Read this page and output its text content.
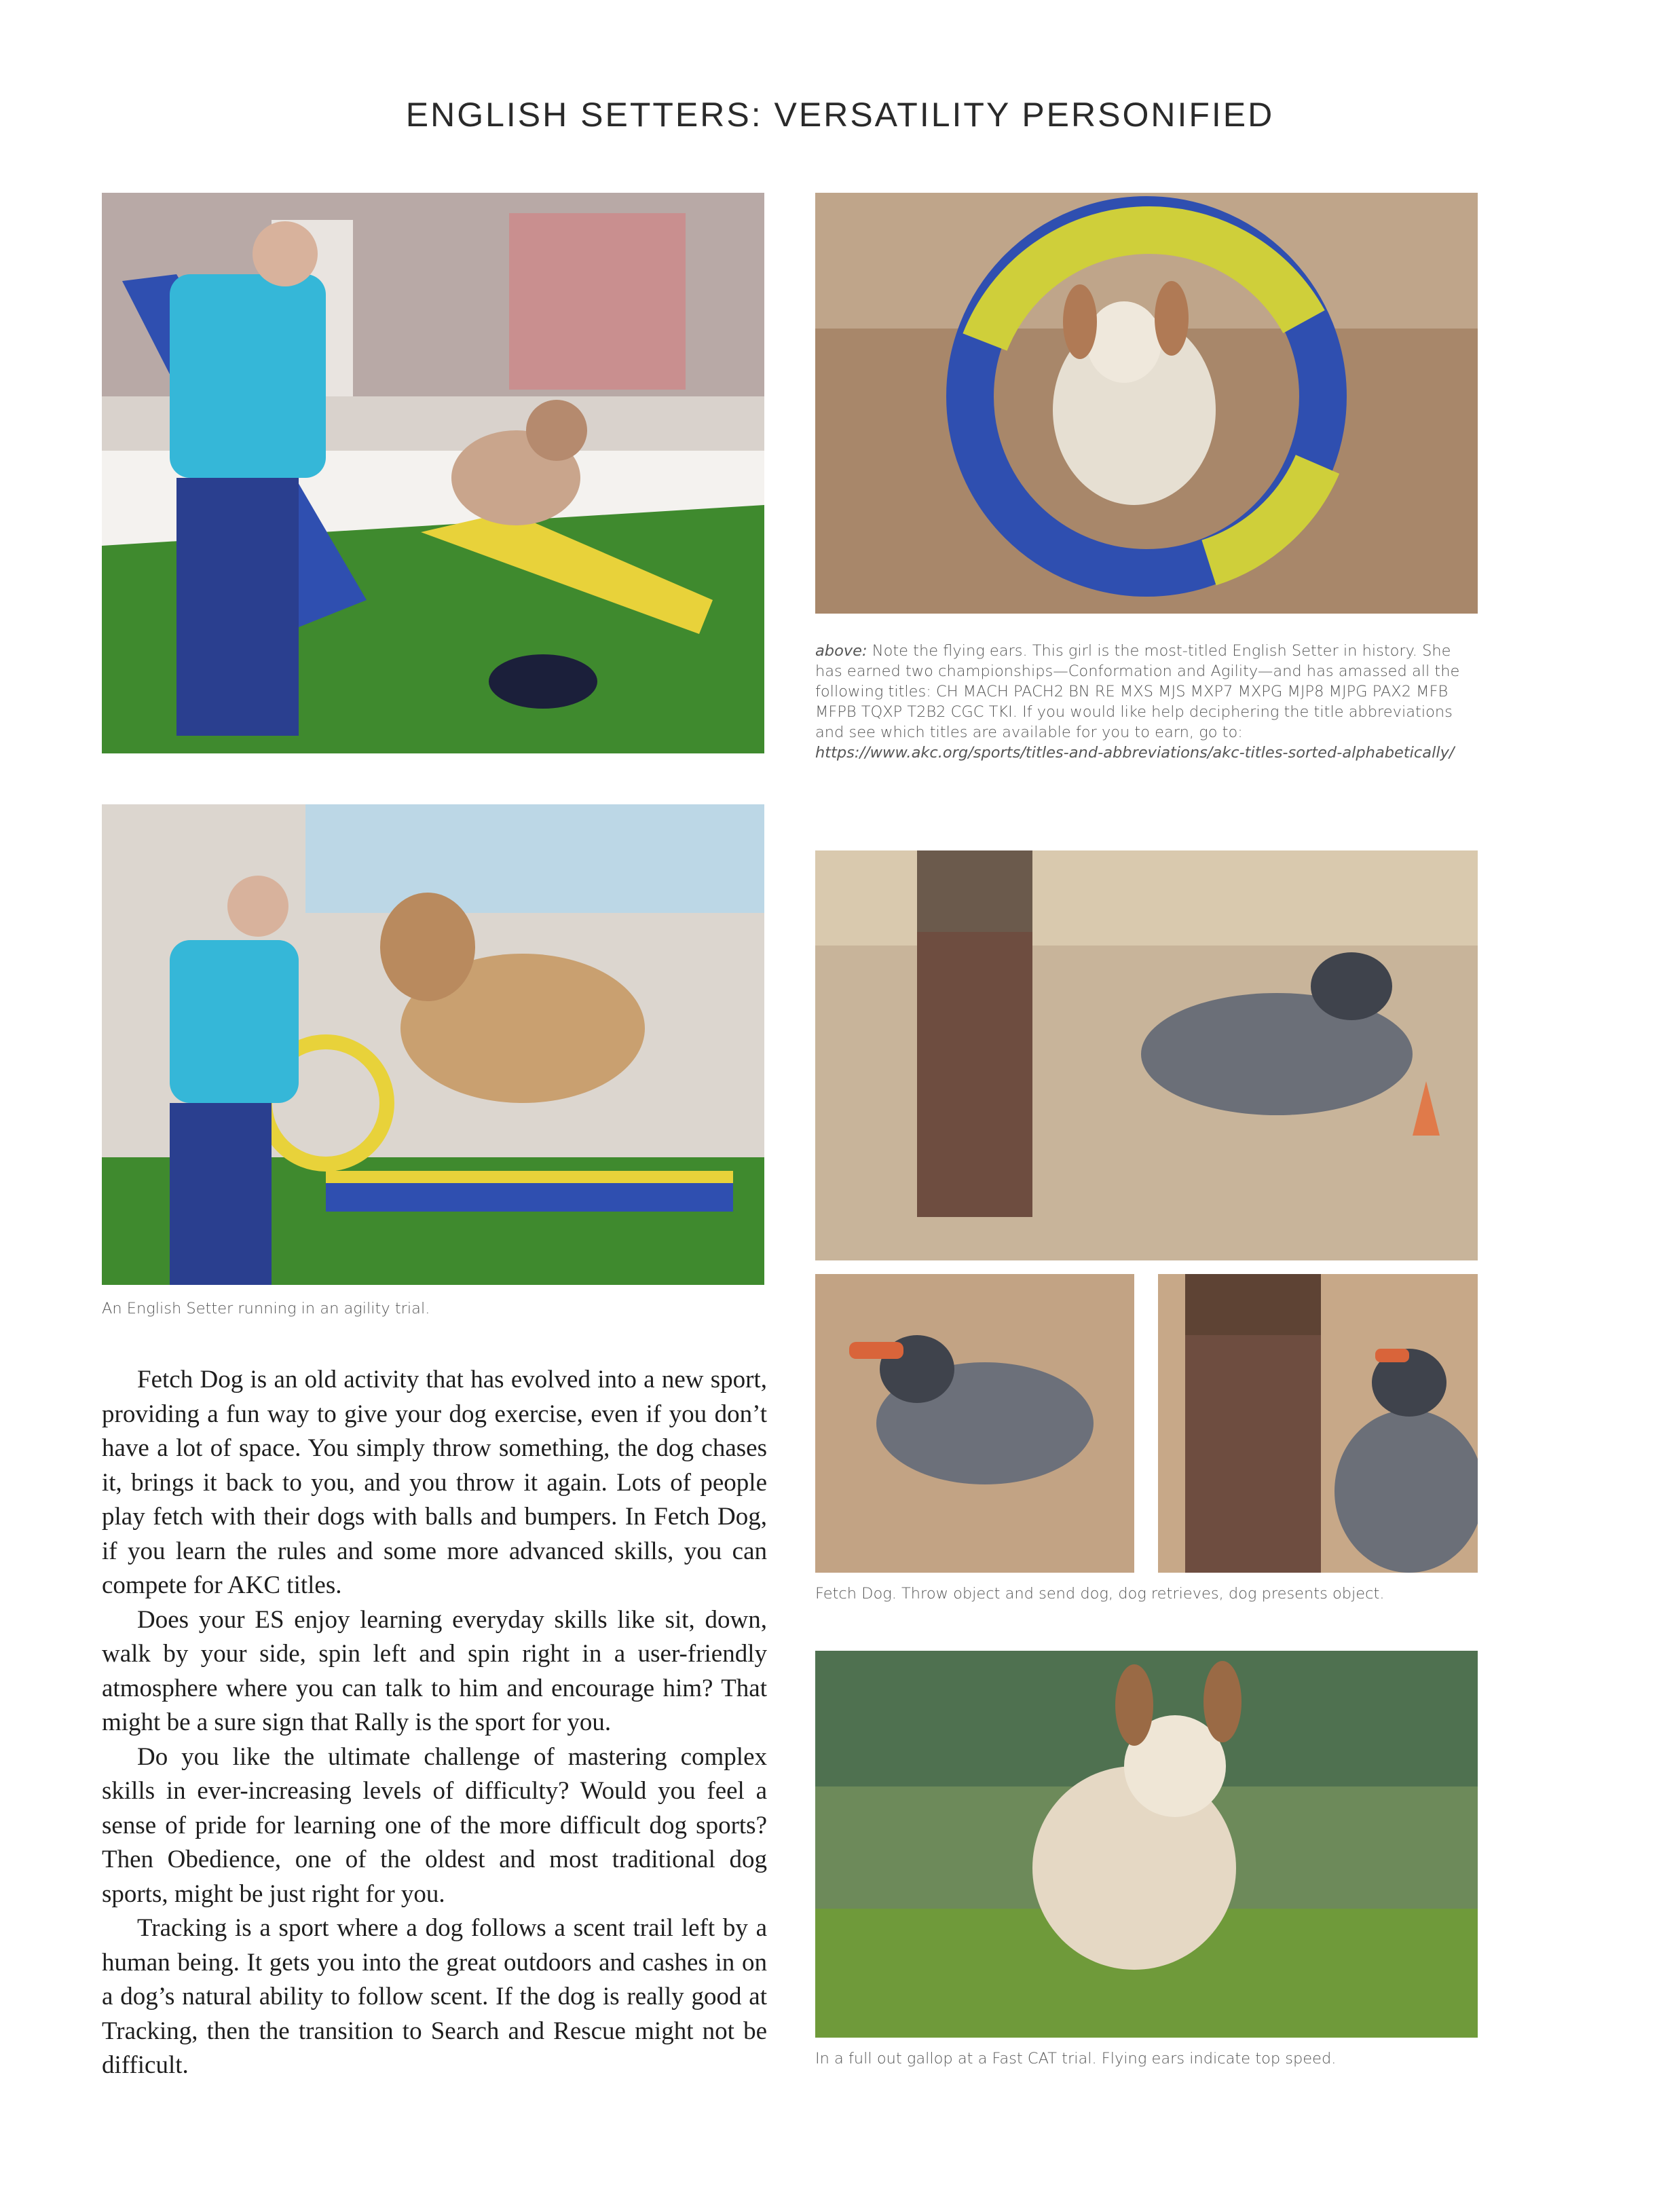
ENGLISH SETTERS: VERSATILITY PERSONIFIED
above: Note the flying ears. This girl is the most-titled English Setter in history. She has earned two championships—Conformation and Agility—and has amassed all the following titles: CH MACH PACH2 BN RE MXS MJS MXP7 MXPG MJP8 MJPG PAX2 MFB MFPB TQXP T2B2 CGC TKI. If you would like help deciphering the title abbreviations and see which titles are available for you to earn, go to: https://www.akc.org/sports/titles-and-abbreviations/akc-titles-sorted-alphabetically/
An English Setter running in an agility trial.
Fetch Dog. Throw object and send dog, dog retrieves, dog presents object.
In a full out gallop at a Fast CAT trial. Flying ears indicate top speed.

Fetch Dog is an old activity that has evolved into a new sport, providing a fun way to give your dog exercise, even if you don’t have a lot of space. You simply throw something, the dog chases it, brings it back to you, and you throw it again. Lots of people play fetch with their dogs with balls and bumpers. In Fetch Dog, if you learn the rules and some more advanced skills, you can compete for AKC titles.

Does your ES enjoy learning everyday skills like sit, down, walk by your side, spin left and spin right in a user-friendly atmosphere where you can talk to him and encourage him? That might be a sure sign that Rally is the sport for you.

Do you like the ultimate challenge of mastering complex skills in ever-increasing levels of difficulty? Would you feel a sense of pride for learning one of the more difficult dog sports? Then Obedience, one of the oldest and most traditional dog sports, might be just right for you.

Tracking is a sport where a dog follows a scent trail left by a human being. It gets you into the great outdoors and cashes in on a dog’s natural ability to follow scent. If the dog is really good at Tracking, then the transition to Search and Rescue might not be difficult.
